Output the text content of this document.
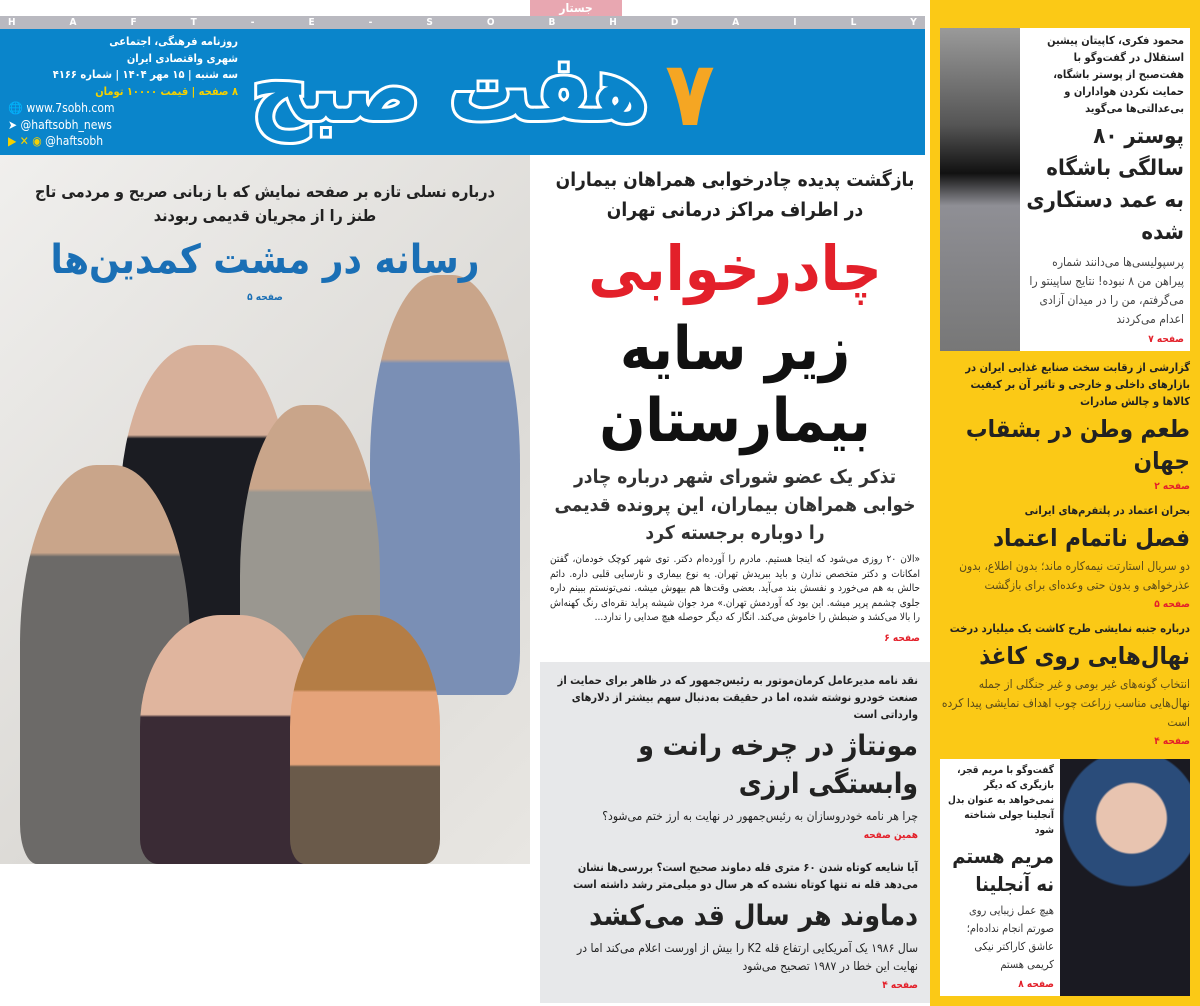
H	A	F	T	-	E	-	S	O	B	H	D	A	I	L	Y
هفت صبح ۷
جستار
روزنامه فرهنگی، اجتماعی
شهری واقتصادی ایران
سه شنبه | ۱۵ مهر ۱۴۰۴ | شماره ۴۱۶۶
۸ صفحه | قیمت ۱۰۰۰۰ تومان
🌐 www.7sobh.com
➤ @haftsobh_news
▶ ✕ ◉ @haftsobh
درباره نسلی تازه بر صفحه نمایش که با زبانی صریح و مردمی تاج طنز را از مجریان قدیمی ربودند
رسانه در مشت کمدین‌ها
صفحه ۵
بازگشت پدیده چادرخوابی همراهان بیماران در اطراف مراکز درمانی تهران
چادرخوابی
زیر سایه بیمارستان
تذکر یک عضو شورای شهر درباره چادر خوابی همراهان بیماران، این پرونده قدیمی را دوباره برجسته کرد
«الان ۲۰ روزی می‌شود که اینجا هستیم. مادرم را آورده‌ام دکتر. توی شهر کوچک خودمان، گفتن امکانات و دکتر متخصص ندارن و باید ببریدش تهران. یه نوع بیماری و نارسایی قلبی داره. دائم حالش به هم می‌خورد و نفسش بند می‌آید. بعضی وقت‌ها هم بیهوش میشه. نمی‌تونستم ببینم داره جلوی چشمم پرپر میشه. این بود که آوردمش تهران.» مرد جوان شیشه پراید نقره‌ای رنگ کهنه‌اش را بالا می‌کشد و ضبطش را خاموش می‌کند. انگار که دیگر حوصله هیچ صدایی را ندارد...
صفحه ۶
نقد نامه مدیرعامل کرمان‌موتور به رئیس‌جمهور که در ظاهر برای حمایت از صنعت خودرو نوشته شده، اما در حقیقت به‌دنبال سهم بیشتر از دلارهای وارداتی است
مونتاژ در چرخه رانت و وابستگی ارزی
چرا هر نامه خودروسازان به رئیس‌جمهور در نهایت به ارز ختم می‌شود؟
همین صفحه
آیا شایعه کوتاه شدن ۶۰ متری قله دماوند صحیح است؟ بررسی‌ها نشان می‌دهد قله نه تنها کوتاه نشده که هر سال دو میلی‌متر رشد داشته است
دماوند هر سال قد می‌کشد
سال ۱۹۸۶ یک آمریکایی ارتفاع قله K2 را بیش از اورست اعلام می‌کند اما در نهایت این خطا در ۱۹۸۷ تصحیح می‌شود
صفحه ۴
محمود فکری، کاپیتان پیشین استقلال در گفت‌وگو با هفت‌صبح از پوستر باشگاه، حمایت نکردن هواداران و بی‌عدالتی‌ها می‌گوید
پوستر ۸۰ سالگی باشگاه به عمد دستکاری شده
پرسپولیسی‌ها می‌دانند شماره پیراهن من ۸ نبوده! نتایج ساپینتو را می‌گرفتم، من را در میدان آزادی اعدام می‌کردند
صفحه ۷
گزارشی از رقابت سخت صنایع غذایی ایران در بازارهای داخلی و خارجی و تاثیر آن بر کیفیت کالاها و چالش صادرات
طعم وطن در بشقاب جهان
صفحه ۲
بحران اعتماد در پلتفرم‌های ایرانی
فصل ناتمام اعتماد
دو سریال استارتت نیمه‌کاره ماند؛ بدون اطلاع، بدون عذرخواهی و بدون حتی وعده‌ای برای بازگشت
صفحه ۵
درباره جنبه نمایشی طرح کاشت یک میلیارد درخت
نهال‌هایی روی کاغذ
انتخاب گونه‌های غیر بومی و غیر جنگلی از جمله نهال‌هایی مناسب زراعت چوب اهداف نمایشی پیدا کرده است
صفحه ۴
گفت‌وگو با مریم قجر، بازیگری که دیگر نمی‌خواهد به عنوان بدل آنجلینا جولی شناخته شود
مریم هستم نه آنجلینا
هیچ عمل زیبایی روی صورتم انجام نداده‌ام؛ عاشق کاراکتر نیکی کریمی هستم
صفحه ۸
